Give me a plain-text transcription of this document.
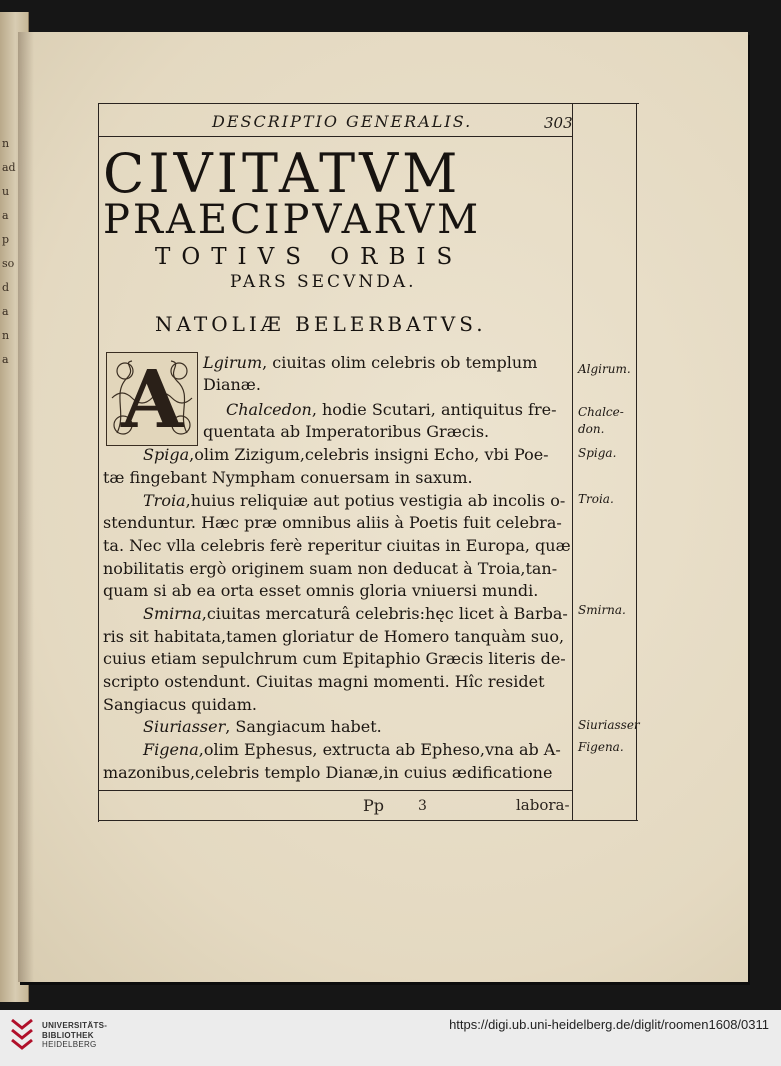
n
ad
u
a
p
so
d
a
n
a
DESCRIPTIO GENERALIS.	303
CIVITATVM
PRAECIPVARVM
TOTIVS ORBIS
PARS SECVNDA.
NATOLIÆ BELERBATVS.
A	Lgirum, ciuitas olim celebris ob templum
Dianæ.
Chalcedon, hodie Scutari, antiquitus fre-
quentata ab Imperatoribus Græcis.
Spiga,olim Zizigum,celebris insigni Echo, vbi Poe-
tæ fingebant Nympham conuersam in saxum.
Troia,huius reliquiæ aut potius vestigia ab incolis o-
stenduntur. Hæc præ omnibus aliis à Poetis fuit celebra-
ta. Nec vlla celebris ferè reperitur ciuitas in Europa, quæ
nobilitatis ergò originem suam non deducat à Troia,tan-
quam si ab ea orta esset omnis gloria vniuersi mundi.
Smirna,ciuitas mercaturâ celebris:hęc licet à Barba-
ris sit habitata,tamen gloriatur de Homero tanquàm suo,
cuius etiam sepulchrum cum Epitaphio Græcis literis de-
scripto ostendunt. Ciuitas magni momenti. Hîc residet
Sangiacus quidam.
Siuriasser, Sangiacum habet.
Figena,olim Ephesus, extructa ab Epheso,vna ab A-
mazonibus,celebris templo Dianæ,in cuius ædificatione
Algirum.
Chalce-
don.
Spiga.
Troia.
Smirna.
Siuriasser
Figena.
Pp 3	labora-
UNIVERSITÄTS-
BIBLIOTHEK
HEIDELBERG
https://digi.ub.uni-heidelberg.de/diglit/roomen1608/0311
